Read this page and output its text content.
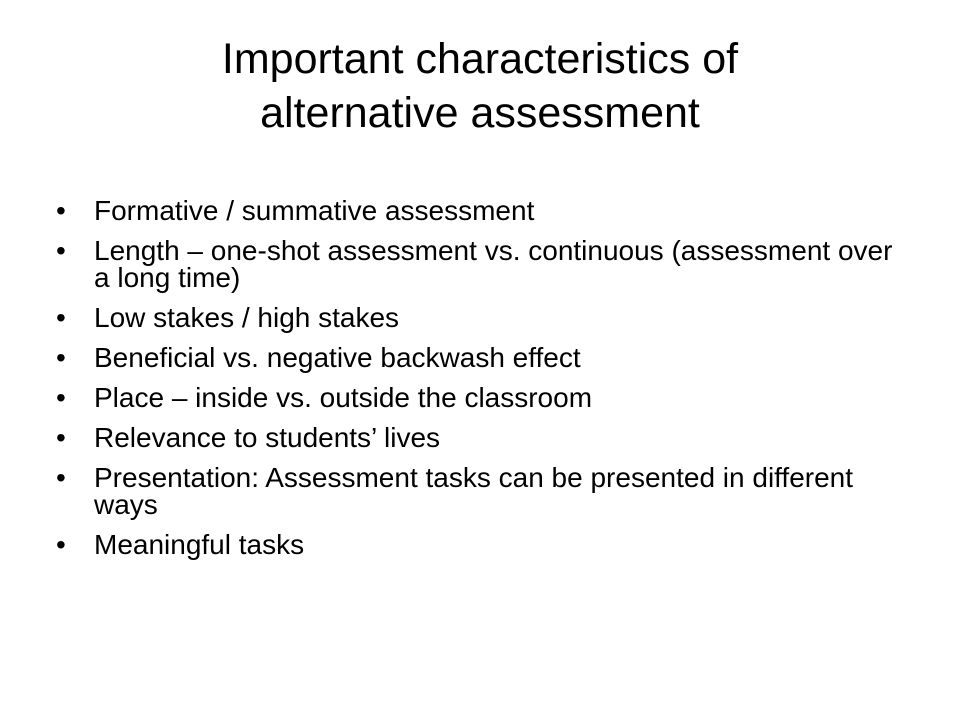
Important characteristics of
alternative assessment
•	Formative / summative assessment
•	Length – one-shot assessment vs. continuous (assessment over a long time)
•	Low stakes / high stakes
•	Beneficial vs. negative backwash effect
•	Place – inside vs. outside the classroom
•	Relevance to students’ lives
•	Presentation: Assessment tasks can be presented in different ways
•	Meaningful tasks
